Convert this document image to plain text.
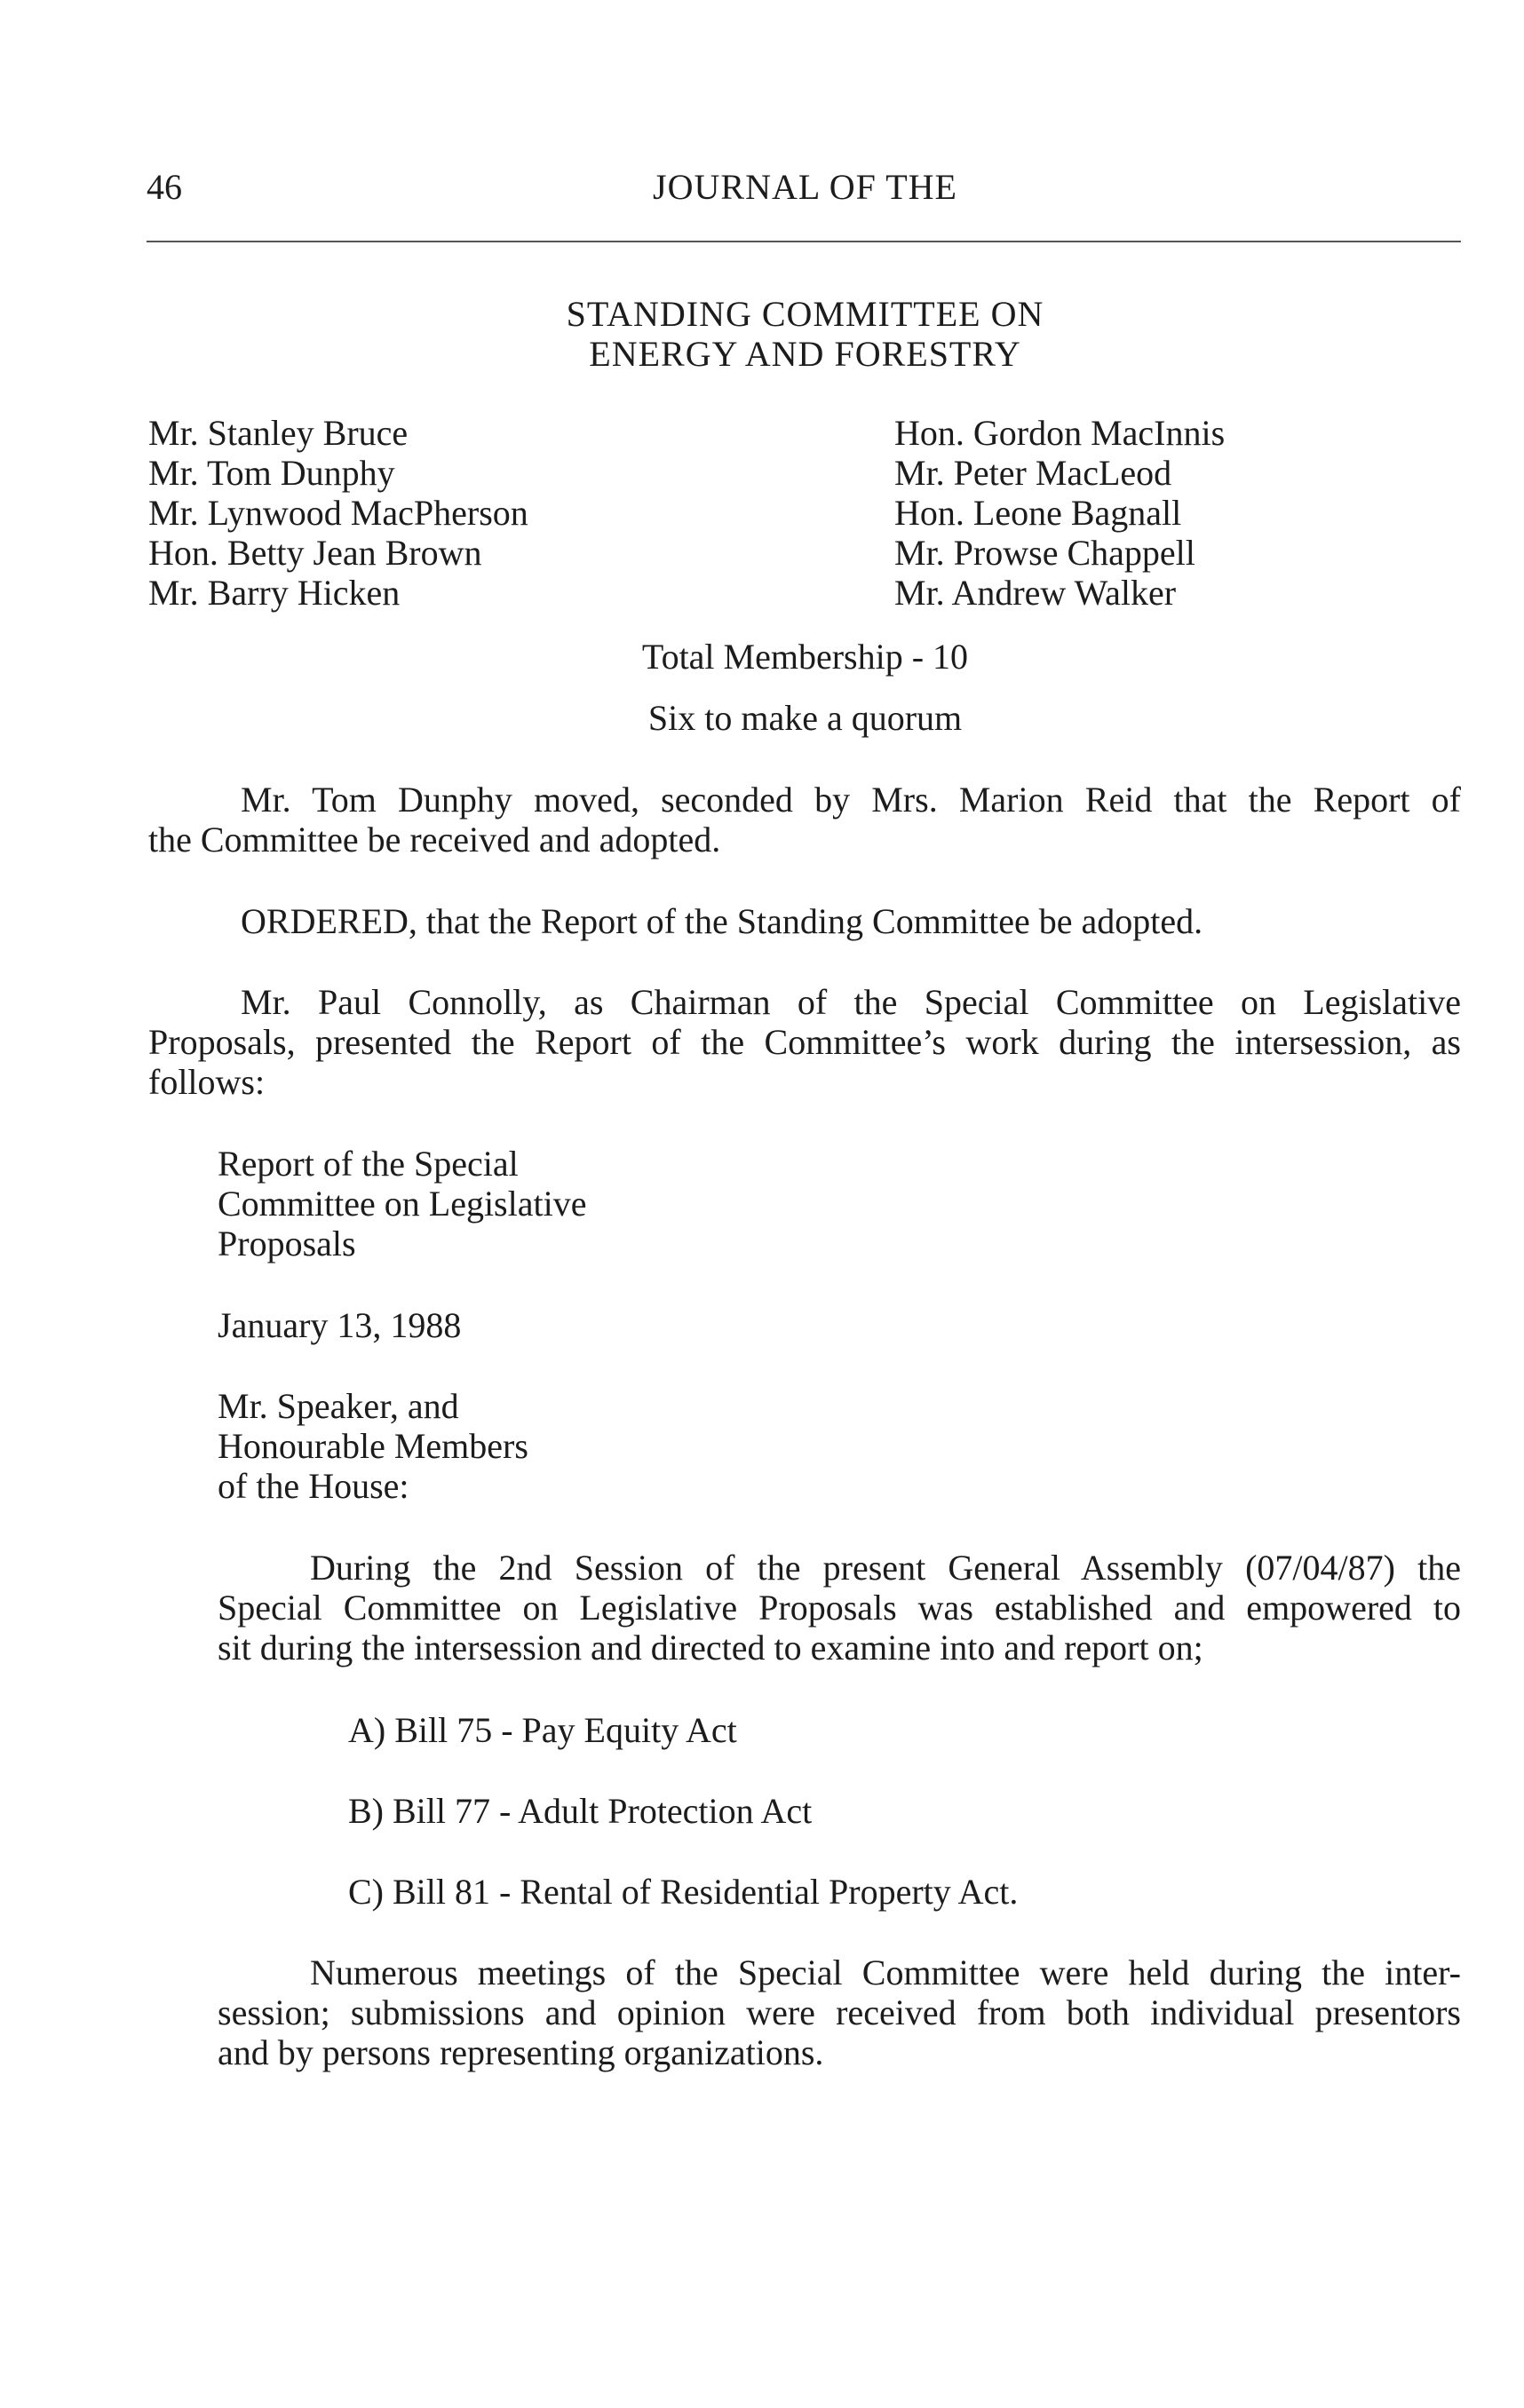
46	JOURNAL OF THE
STANDING COMMITTEE ON
ENERGY AND FORESTRY
Mr. Stanley Bruce
Mr. Tom Dunphy
Mr. Lynwood MacPherson
Hon. Betty Jean Brown
Mr. Barry Hicken
Hon. Gordon MacInnis
Mr. Peter MacLeod
Hon. Leone Bagnall
Mr. Prowse Chappell
Mr. Andrew Walker
Total Membership - 10
Six to make a quorum
Mr. Tom Dunphy moved, seconded by Mrs. Marion Reid that the Report of
the Committee be received and adopted.
ORDERED, that the Report of the Standing Committee be adopted.
Mr. Paul Connolly, as Chairman of the Special Committee on Legislative
Proposals, presented the Report of the Committee’s work during the intersession, as
follows:
Report of the Special
Committee on Legislative
Proposals
January 13, 1988
Mr. Speaker, and
Honourable Members
of the House:
During the 2nd Session of the present General Assembly (07/04/87) the
Special Committee on Legislative Proposals was established and empowered to
sit during the intersession and directed to examine into and report on;
A) Bill 75 - Pay Equity Act
B) Bill 77 - Adult Protection Act
C) Bill 81 - Rental of Residential Property Act.
Numerous meetings of the Special Committee were held during the inter-
session; submissions and opinion were received from both individual presentors
and by persons representing organizations.
